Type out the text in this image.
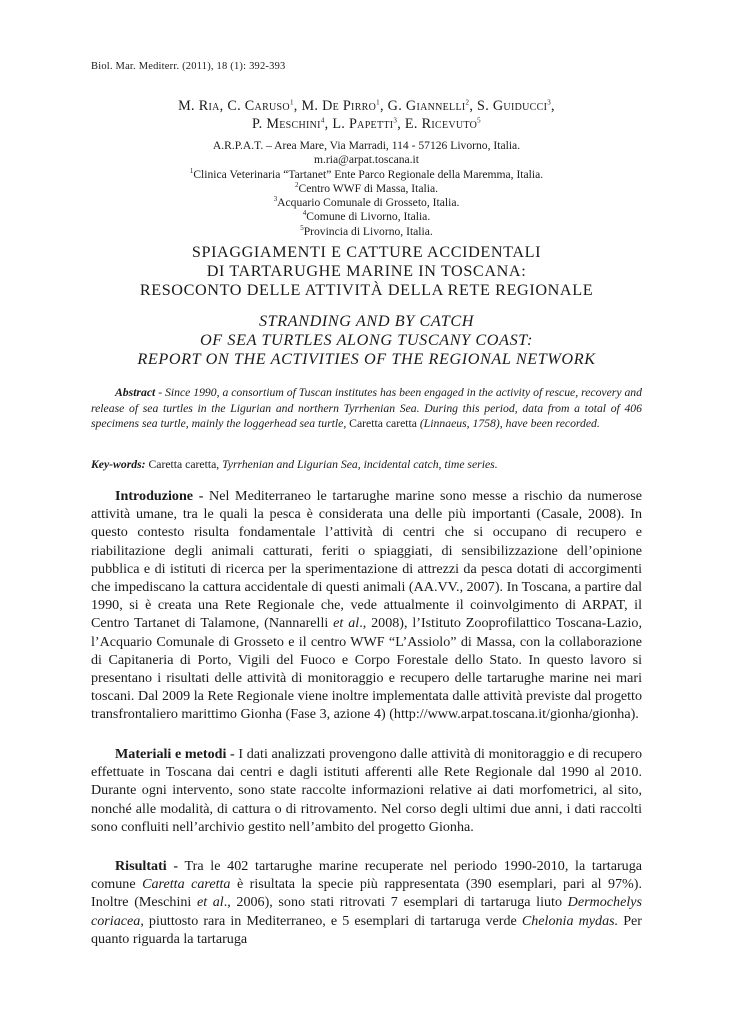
Biol. Mar. Mediterr. (2011), 18 (1): 392-393
M. Ria, C. Caruso$^1$, M. De Pirro$^1$, G. Giannelli$^2$, S. Guiducci$^3$,
P. Meschini$^4$, L. Papetti$^3$, E. Ricevuto$^5$
A.R.P.A.T. – Area Mare, Via Marradi, 114 - 57126 Livorno, Italia.
m.ria@arpat.toscana.it
$^1$Clinica Veterinaria “Tartanet” Ente Parco Regionale della Maremma, Italia.
$^2$Centro WWF di Massa, Italia.
$^3$Acquario Comunale di Grosseto, Italia.
$^4$Comune di Livorno, Italia.
$^5$Provincia di Livorno, Italia.
SPIAGGIAMENTI E CATTURE ACCIDENTALI
DI TARTARUGHE MARINE IN TOSCANA:
RESOCONTO DELLE ATTIVITÀ DELLA RETE REGIONALE
STRANDING AND BY CATCH
OF SEA TURTLES ALONG TUSCANY COAST:
REPORT ON THE ACTIVITIES OF THE REGIONAL NETWORK
Abstract - Since 1990, a consortium of Tuscan institutes has been engaged in the activity of rescue, recovery and release of sea turtles in the Ligurian and northern Tyrrhenian Sea. During this period, data from a total of 406 specimens sea turtle, mainly the loggerhead sea turtle, Caretta caretta (Linnaeus, 1758), have been recorded.
Key-words: Caretta caretta, Tyrrhenian and Ligurian Sea, incidental catch, time series.
Introduzione - Nel Mediterraneo le tartarughe marine sono messe a rischio da numerose attività umane, tra le quali la pesca è considerata una delle più importanti (Casale, 2008). In questo contesto risulta fondamentale l’attività di centri che si occupano di recupero e riabilitazione degli animali catturati, feriti o spiaggiati, di sensibilizzazione dell’opinione pubblica e di istituti di ricerca per la sperimentazione di attrezzi da pesca dotati di accorgimenti che impediscano la cattura accidentale di questi animali (AA.VV., 2007). In Toscana, a partire dal 1990, si è creata una Rete Regionale che, vede attualmente il coinvolgimento di ARPAT, il Centro Tartanet di Talamone, (Nannarelli et al., 2008), l’Istituto Zooprofilattico Toscana-Lazio, l’Acquario Comunale di Grosseto e il centro WWF “L’Assiolo” di Massa, con la collaborazione di Capitaneria di Porto, Vigili del Fuoco e Corpo Forestale dello Stato. In questo lavoro si presentano i risultati delle attività di monitoraggio e recupero delle tartarughe marine nei mari toscani. Dal 2009 la Rete Regionale viene inoltre implementata dalle attività previste dal progetto transfrontaliero marittimo Gionha (Fase 3, azione 4) (http://www.arpat.toscana.it/gionha/gionha).
Materiali e metodi - I dati analizzati provengono dalle attività di monitoraggio e di recupero effettuate in Toscana dai centri e dagli istituti afferenti alle Rete Regionale dal 1990 al 2010. Durante ogni intervento, sono state raccolte informazioni relative ai dati morfometrici, al sito, nonché alle modalità, di cattura o di ritrovamento. Nel corso degli ultimi due anni, i dati raccolti sono confluiti nell’archivio gestito nell’ambito del progetto Gionha.
Risultati - Tra le 402 tartarughe marine recuperate nel periodo 1990-2010, la tartaruga comune Caretta caretta è risultata la specie più rappresentata (390 esemplari, pari al 97%). Inoltre (Meschini et al., 2006), sono stati ritrovati 7 esemplari di tartaruga liuto Dermochelys coriacea, piuttosto rara in Mediterraneo, e 5 esemplari di tartaruga verde Chelonia mydas. Per quanto riguarda la tartaruga
